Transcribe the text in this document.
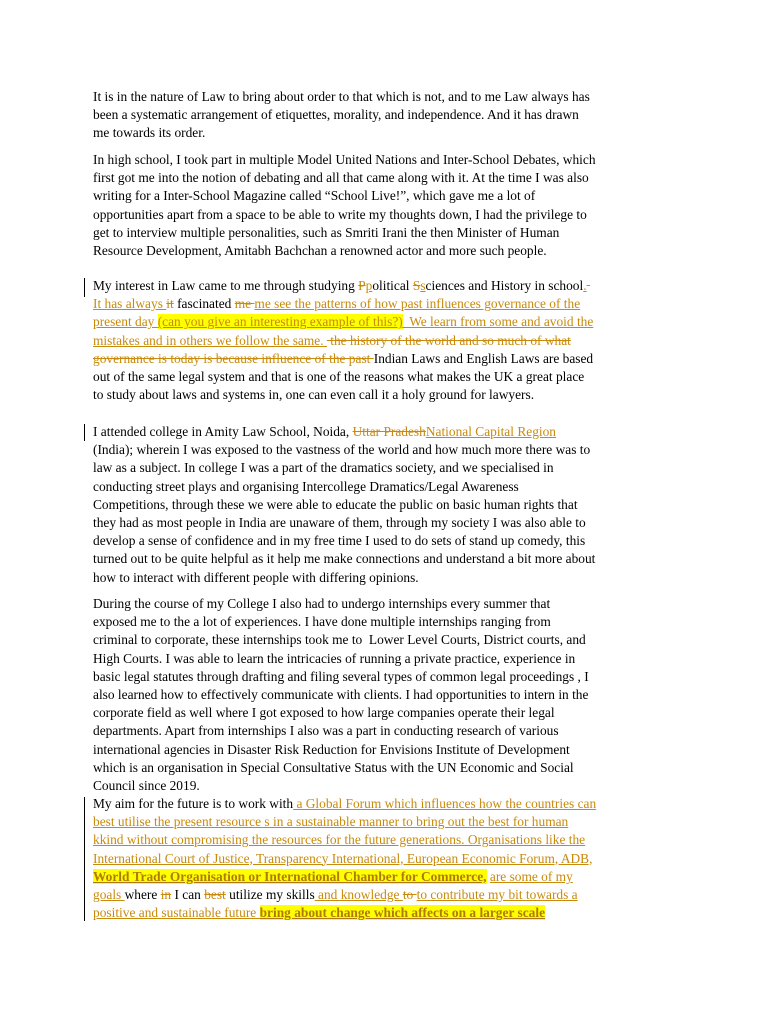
It is in the nature of Law to bring about order to that which is not, and to me Law always has
been a systematic arrangement of etiquettes, morality, and independence. And it has drawn
me towards its order.
In high school, I took part in multiple Model United Nations and Inter-School Debates, which
first got me into the notion of debating and all that came along with it. At the time I was also
writing for a Inter-School Magazine called “School Live!”, which gave me a lot of
opportunities apart from a space to be able to write my thoughts down, I had the privilege to
get to interview multiple personalities, such as Smriti Irani the then Minister of Human
Resource Development, Amitabh Bachchan a renowned actor and more such people.
My interest in Law came to me through studying Ppolitical Ssciences and History in school.
It has always it fascinated me me see the patterns of how past influences governance of the
present day (can you give an interesting example of this?)  We learn from some and avoid the
mistakes and in others we follow the same.  the history of the world and so much of what
governance is today is because influence of the past Indian Laws and English Laws are based
out of the same legal system and that is one of the reasons what makes the UK a great place
to study about laws and systems in, one can even call it a holy ground for lawyers.
I attended college in Amity Law School, Noida, Uttar PradeshNational Capital Region
(India); wherein I was exposed to the vastness of the world and how much more there was to
law as a subject. In college I was a part of the dramatics society, and we specialised in
conducting street plays and organising Intercollege Dramatics/Legal Awareness
Competitions, through these we were able to educate the public on basic human rights that
they had as most people in India are unaware of them, through my society I was also able to
develop a sense of confidence and in my free time I used to do sets of stand up comedy, this
turned out to be quite helpful as it help me make connections and understand a bit more about
how to interact with different people with differing opinions.
During the course of my College I also had to undergo internships every summer that
exposed me to the a lot of experiences. I have done multiple internships ranging from
criminal to corporate, these internships took me to  Lower Level Courts, District courts, and
High Courts. I was able to learn the intricacies of running a private practice, experience in
basic legal statutes through drafting and filing several types of common legal proceedings , I
also learned how to effectively communicate with clients. I had opportunities to intern in the
corporate field as well where I got exposed to how large companies operate their legal
departments. Apart from internships I also was a part in conducting research of various
international agencies in Disaster Risk Reduction for Envisions Institute of Development
which is an organisation in Special Consultative Status with the UN Economic and Social
Council since 2019.
My aim for the future is to work with a Global Forum which influences how the countries can
best utilise the present resource s in a sustainable manner to bring out the best for human
kkind without compromising the resources for the future generations. Organisations like the
International Court of Justice, Transparency International, European Economic Forum, ADB,
World Trade Organisation or International Chamber for Commerce, are some of my
goals where in I can best utilize my skills and knowledge to to contribute my bit towards a
positive and sustainable future bring about change which affects on a larger scale
